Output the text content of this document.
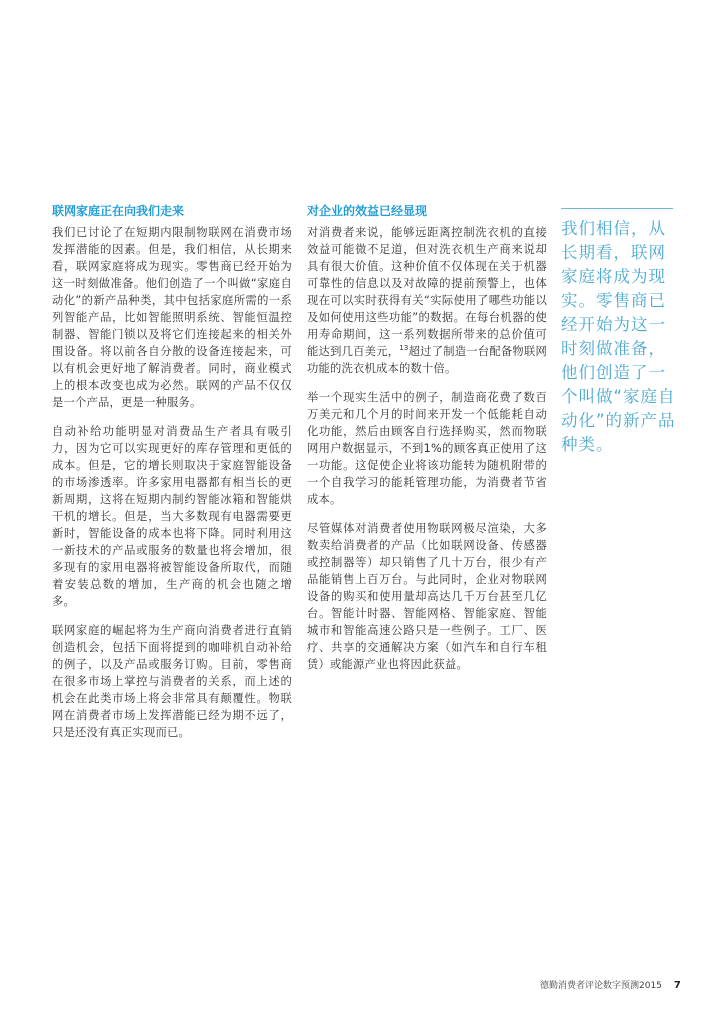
联网家庭正在向我们走来

我们已讨论了在短期内限制物联网在消费市场发挥潜能的因素。但是，我们相信，从长期来看，联网家庭将成为现实。零售商已经开始为这一时刻做准备。他们创造了一个叫做“家庭自动化”的新产品种类，其中包括家庭所需的一系列智能产品，比如智能照明系统、智能恒温控制器、智能门锁以及将它们连接起来的相关外围设备。将以前各自分散的设备连接起来，可以有机会更好地了解消费者。同时，商业模式上的根本改变也成为必然。联网的产品不仅仅是一个产品，更是一种服务。

自动补给功能明显对消费品生产者具有吸引力，因为它可以实现更好的库存管理和更低的成本。但是，它的增长则取决于家庭智能设备的市场渗透率。许多家用电器都有相当长的更新周期，这将在短期内制约智能冰箱和智能烘干机的增长。但是，当大多数现有电器需要更新时，智能设备的成本也将下降。同时利用这一新技术的产品或服务的数量也将会增加，很多现有的家用电器将被智能设备所取代，而随着安装总数的增加，生产商的机会也随之增多。

联网家庭的崛起将为生产商向消费者进行直销创造机会，包括下面将提到的咖啡机自动补给的例子，以及产品或服务订购。目前，零售商在很多市场上掌控与消费者的关系，而上述的机会在此类市场上将会非常具有颠覆性。物联网在消费者市场上发挥潜能已经为期不远了，只是还没有真正实现而已。

对企业的效益已经显现

对消费者来说，能够远距离控制洗衣机的直接效益可能微不足道，但对洗衣机生产商来说却具有很大价值。这种价值不仅体现在关于机器可靠性的信息以及对故障的提前预警上，也体现在可以实时获得有关“实际使用了哪些功能以及如何使用这些功能”的数据。在每台机器的使用寿命期间，这一系列数据所带来的总价值可能达到几百美元，$^{13}$超过了制造一台配备物联网功能的洗衣机成本的数十倍。

举一个现实生活中的例子，制造商花费了数百万美元和几个月的时间来开发一个低能耗自动化功能，然后由顾客自行选择购买，然而物联网用户数据显示，不到1%的顾客真正使用了这一功能。这促使企业将该功能转为随机附带的一个自我学习的能耗管理功能，为消费者节省成本。

尽管媒体对消费者使用物联网极尽渲染，大多数卖给消费者的产品（比如联网设备、传感器或控制器等）却只销售了几十万台，很少有产品能销售上百万台。与此同时，企业对物联网设备的购买和使用量却高达几千万台甚至几亿台。智能计时器、智能网格、智能家庭、智能城市和智能高速公路只是一些例子。工厂、医疗、共享的交通解决方案（如汽车和自行车租赁）或能源产业也将因此获益。

我们相信，从长期看，联网家庭将成为现实。零售商已经开始为这一时刻做准备，他们创造了一个叫做“家庭自动化”的新产品种类。
德勤消费者评论数字预测2015 7
